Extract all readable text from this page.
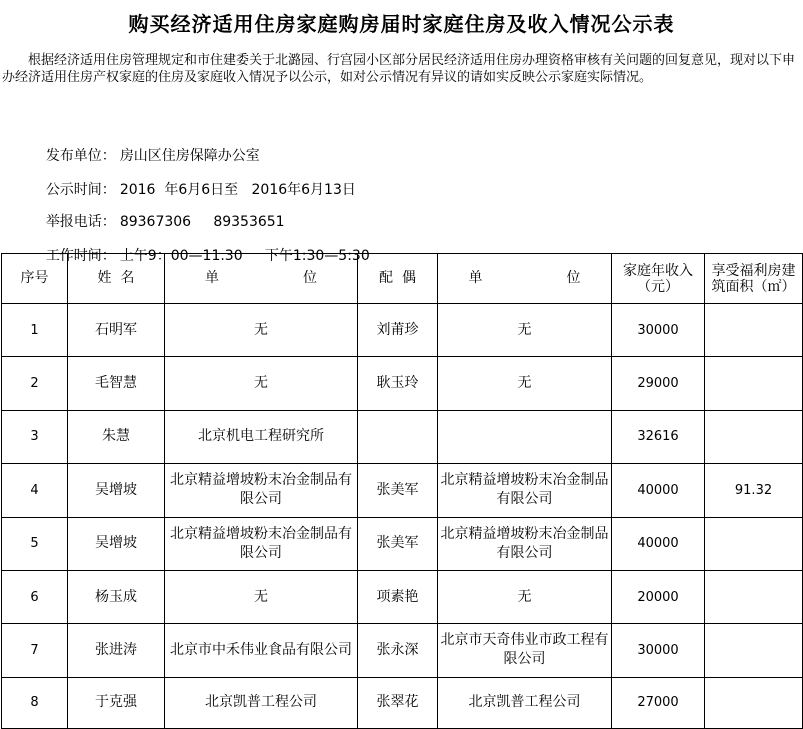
购买经济适用住房家庭购房届时家庭住房及收入情况公示表

根据经济适用住房管理规定和市住建委关于北潞园、行宫园小区部分居民经济适用住房办理资格审核有关问题的回复意见，现对以下申办经济适用住房产权家庭的住房及家庭收入情况予以公示，如对公示情况有异议的请如实反映公示家庭实际情况。

发布单位： 房山区住房保障办公室

公示时间： 2016  年6月6日至   2016年6月13日

举报电话： 89367306     89353651

工作时间： 上午9：00—11.30     下午1:30—5:30

序号	姓  名	单 位	配  偶	单 位	家庭年收入（元）	享受福利房建筑面积（㎡）
1	石明军	无	刘莆珍	无	30000	
2	毛智慧	无	耿玉玲	无	29000	
3	朱慧	北京机电工程研究所			32616	
4	吴增坡	北京精益增坡粉末冶金制品有限公司	张美军	北京精益增坡粉末冶金制品有限公司	40000	91.32
5	吴增坡	北京精益增坡粉末冶金制品有限公司	张美军	北京精益增坡粉末冶金制品有限公司	40000	
6	杨玉成	无	项素艳	无	20000	
7	张进涛	北京市中禾伟业食品有限公司	张永深	北京市天奇伟业市政工程有限公司	30000	
8	于克强	北京凯普工程公司	张翠花	北京凯普工程公司	27000	
